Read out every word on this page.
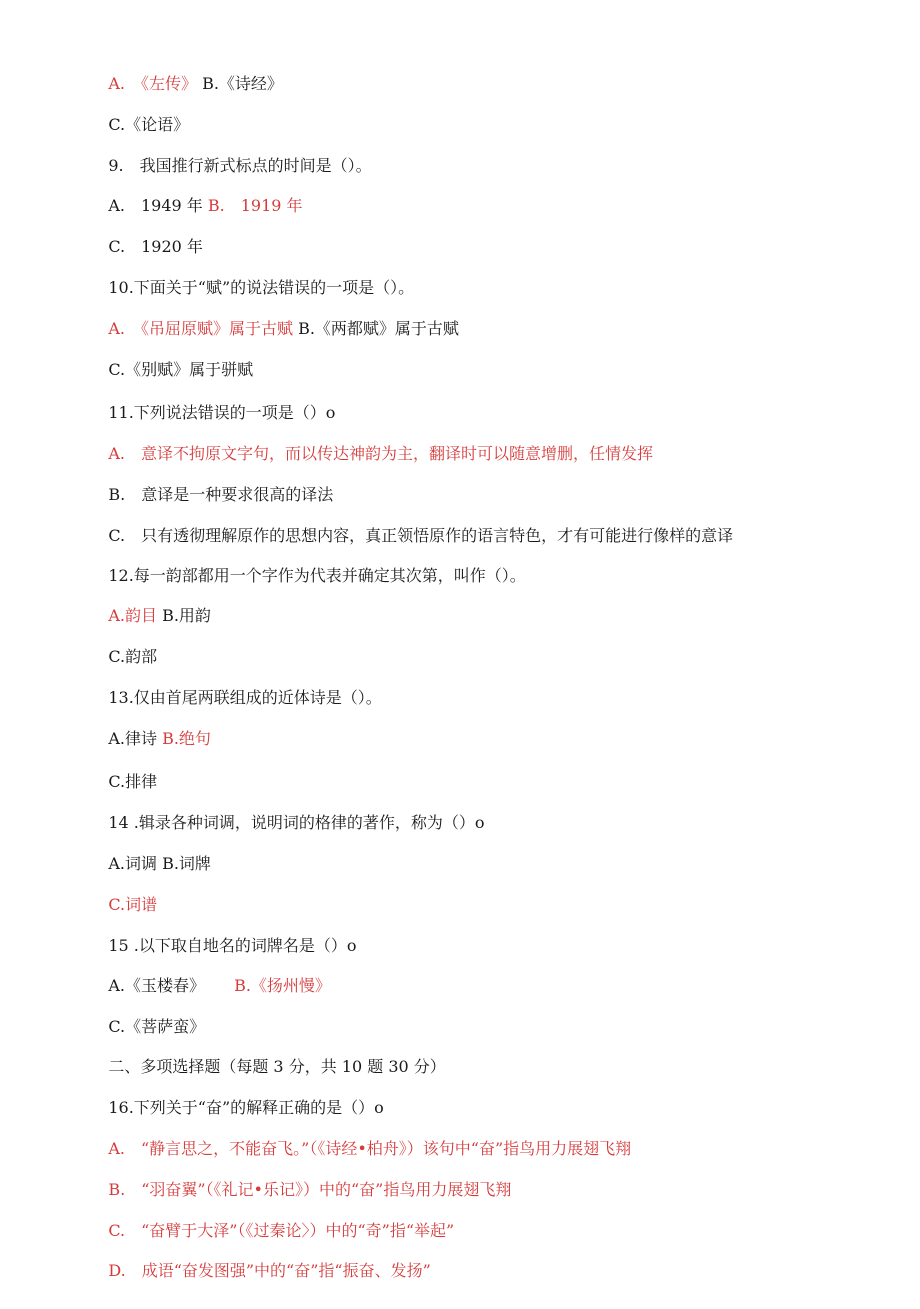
A.　《左传》 B.《诗经》

C.《论语》

9.　我国推行新式标点的时间是（）。

A.　1949 年 B.　1919 年

C.　1920 年

10.下面关于“赋”的说法错误的一项是（）。

A.　《吊屈原赋》属于古赋 B.《两都赋》属于古赋

C.《别赋》属于骈赋

11.下列说法错误的一项是（）o

A.　意译不拘原文字句，而以传达神韵为主，翻译时可以随意增删，任情发挥

B.　意译是一种要求很高的译法

C.　只有透彻理解原作的思想内容，真正领悟原作的语言特色，才有可能进行像样的意译

12.每一韵部都用一个字作为代表并确定其次第，叫作（）。

A.韵目 B.用韵

C.韵部

13.仅由首尾两联组成的近体诗是（）。

A.律诗 B.绝句

C.排律

14 .辑录各种词调，说明词的格律的著作，称为（）o

A.词调 B.词牌

C.词谱

15 .以下取自地名的词牌名是（）o

A.《玉楼春》　　 B.《扬州慢》

C.《菩萨蛮》

二、多项选择题（每题 3 分，共 10 题 30 分）

16.下列关于“奋”的解释正确的是（）o

A.　“静言思之，不能奋飞。”（《诗经•柏舟》）该句中“奋”指鸟用力展翅飞翔

B.　“羽奋翼”（《礼记•乐记》）中的“奋”指鸟用力展翅飞翔

C.　“奋臂于大泽”（《过秦论〉）中的“奇”指“举起”

D.　成语“奋发图强”中的“奋”指“振奋、发扬”
